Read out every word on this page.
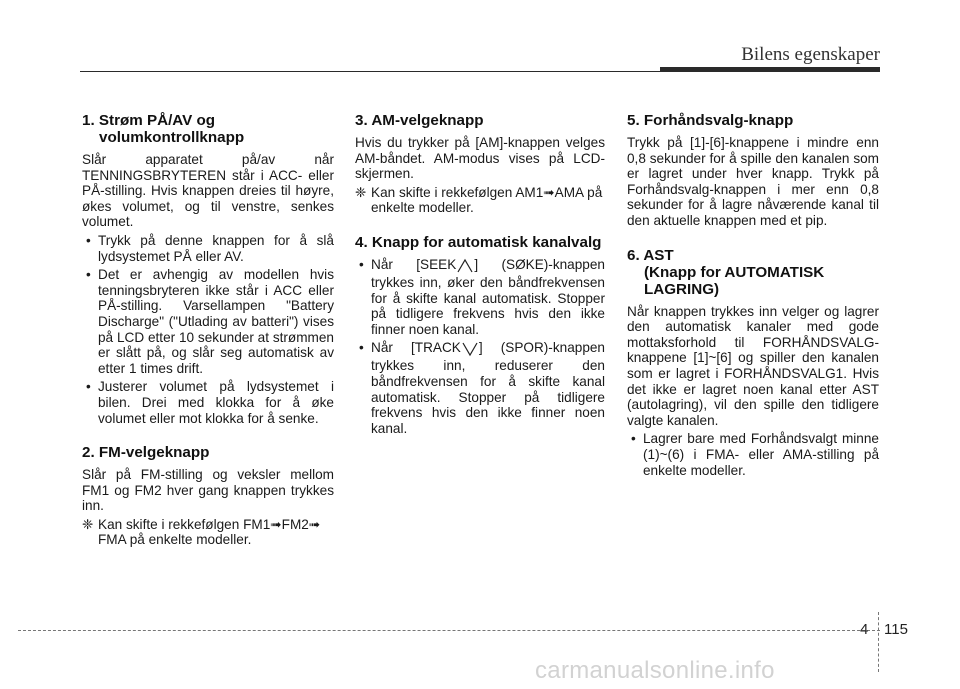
Bilens egenskaper
1. Strøm PÅ/AV og
volumkontrollknapp

Slår apparatet på/av når TENNINGSBRYTEREN står i ACC- eller PÅ-stilling. Hvis knappen dreies til høyre, økes volumet, og til venstre, senkes volumet.

• Trykk på denne knappen for å slå lydsystemet PÅ eller AV.
• Det er avhengig av modellen hvis tenningsbryteren ikke står i ACC eller PÅ-stilling. Varsellampen "Battery Discharge" ("Utlading av batteri") vises på LCD etter 10 sekunder at strømmen er slått på, og slår seg automatisk av etter 1 times drift.
• Justerer volumet på lydsystemet i bilen. Drei med klokka for å øke volumet eller mot klokka for å senke.
2. FM-velgeknapp

Slår på FM-stilling og veksler mellom FM1 og FM2 hver gang knappen trykkes inn.

❈ Kan skifte i rekkefølgen FM1➟FM2➟ FMA på enkelte modeller.
3. AM-velgeknapp

Hvis du trykker på [AM]-knappen velges AM-båndet. AM-modus vises på LCD-skjermen.

❈ Kan skifte i rekkefølgen AM1➟AMA på enkelte modeller.
4. Knapp for automatisk kanalvalg
• Når [SEEK ] (SØKE)-knappen trykkes inn, øker den båndfrekvensen for å skifte kanal automatisk. Stopper på tidligere frekvens hvis den ikke finner noen kanal.
• Når [TRACK ] (SPOR)-knappen trykkes inn, reduserer den båndfrekvensen for å skifte kanal automatisk. Stopper på tidligere frekvens hvis den ikke finner noen kanal.
5. Forhåndsvalg-knapp

Trykk på [1]-[6]-knappene i mindre enn 0,8 sekunder for å spille den kanalen som er lagret under hver knapp. Trykk på Forhåndsvalg-knappen i mer enn 0,8 sekunder for å lagre nåværende kanal til den aktuelle knappen med et pip.

6. AST
(Knapp for AUTOMATISK
LAGRING)

Når knappen trykkes inn velger og lagrer den automatisk kanaler med gode mottaksforhold til FORHÅNDSVALG-knappene [1]~[6] og spiller den kanalen som er lagret i FORHÅNDSVALG1. Hvis det ikke er lagret noen kanal etter AST (autolagring), vil den spille den tidligere valgte kanalen.

• Lagrer bare med Forhåndsvalgt minne (1)~(6) i FMA- eller AMA-stilling på enkelte modeller.
4 115
carmanualsonline.info
